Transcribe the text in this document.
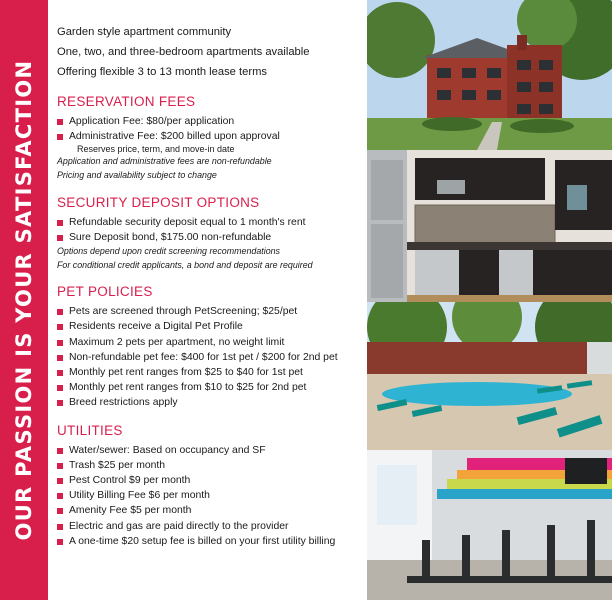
OUR PASSION IS YOUR SATISFACTION
Garden style apartment community
One, two, and three-bedroom apartments available
Offering flexible 3 to 13 month lease terms
RESERVATION FEES
Application Fee: $80/per application
Administrative Fee: $200 billed upon approval
Reserves price, term, and move-in date
Application and administrative fees are non-refundable
Pricing and availability subject to change
SECURITY DEPOSIT OPTIONS
Refundable security deposit equal to 1 month's rent
Sure Deposit bond, $175.00 non-refundable
Options depend upon credit screening recommendations
For conditional credit applicants, a bond and deposit are required
PET POLICIES
Pets are screened through PetScreening; $25/pet
Residents receive a Digital Pet Profile
Maximum 2 pets per apartment, no weight limit
Non-refundable pet fee: $400 for 1st pet / $200 for 2nd pet
Monthly pet rent ranges from $25 to $40 for 1st pet
Monthly pet rent ranges from $10 to $25 for 2nd pet
Breed restrictions apply
UTILITIES
Water/sewer: Based on occupancy and SF
Trash $25 per month
Pest Control $9 per month
Utility Billing Fee $6 per month
Amenity Fee $5 per month
Electric and gas are paid directly to the provider
A one-time $20 setup fee is billed on your first utility billing
